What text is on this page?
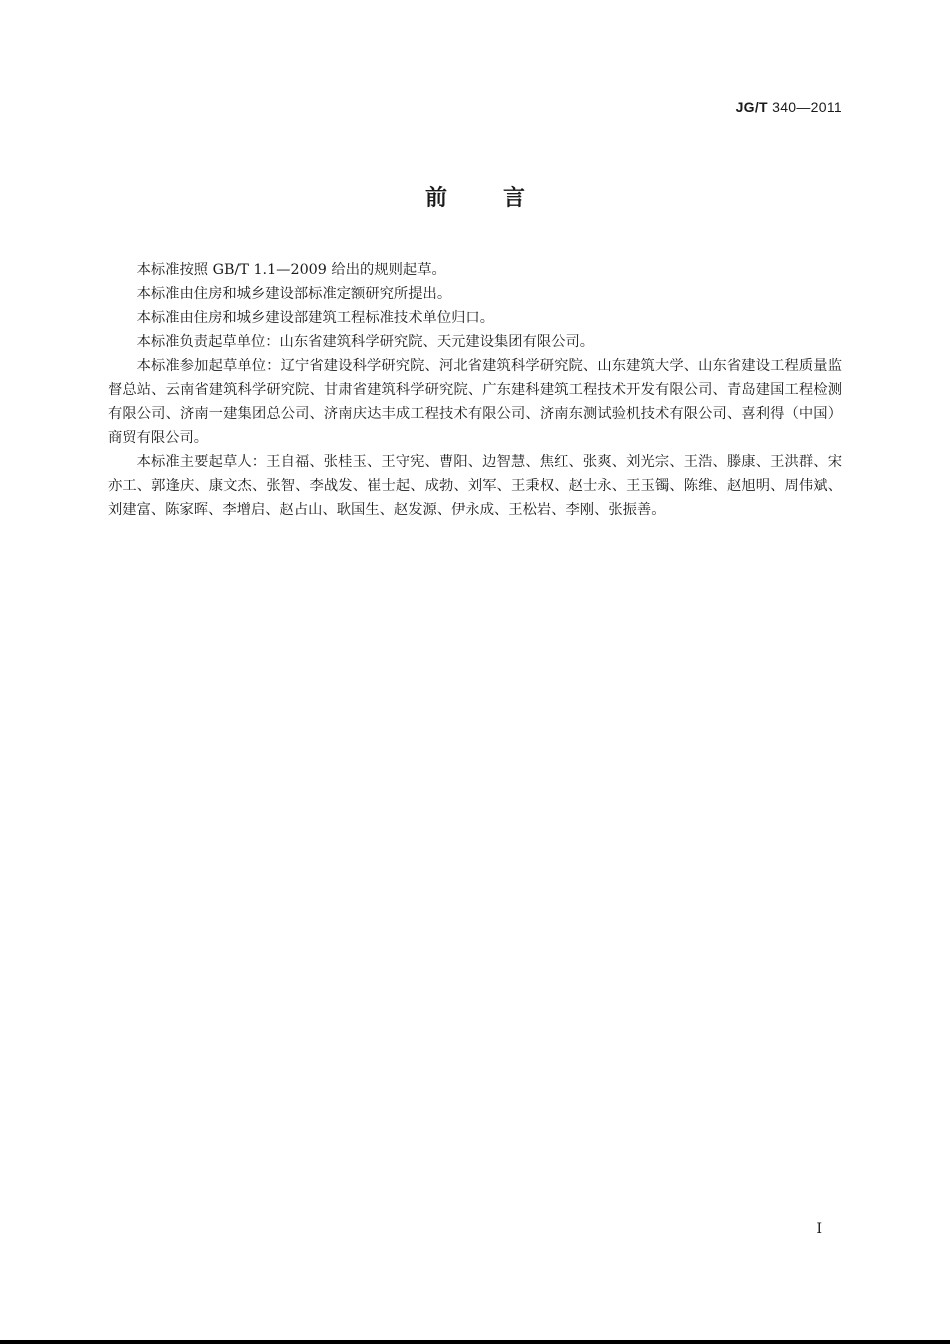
JG/T 340—2011
前言

本标准按照 GB/T 1.1—2009 给出的规则起草。

本标准由住房和城乡建设部标准定额研究所提出。

本标准由住房和城乡建设部建筑工程标准技术单位归口。

本标准负责起草单位：山东省建筑科学研究院、天元建设集团有限公司。

本标准参加起草单位：辽宁省建设科学研究院、河北省建筑科学研究院、山东建筑大学、山东省建设工程质量监督总站、云南省建筑科学研究院、甘肃省建筑科学研究院、广东建科建筑工程技术开发有限公司、青岛建国工程检测有限公司、济南一建集团总公司、济南庆达丰成工程技术有限公司、济南东测试验机技术有限公司、喜利得（中国）商贸有限公司。

本标准主要起草人：王自福、张桂玉、王守宪、曹阳、边智慧、焦红、张爽、刘光宗、王浩、滕康、王洪群、宋亦工、郭逢庆、康文杰、张智、李战发、崔士起、成勃、刘军、王秉权、赵士永、王玉镯、陈维、赵旭明、周伟斌、刘建富、陈家晖、李增启、赵占山、耿国生、赵发源、伊永成、王松岩、李刚、张振善。

I
